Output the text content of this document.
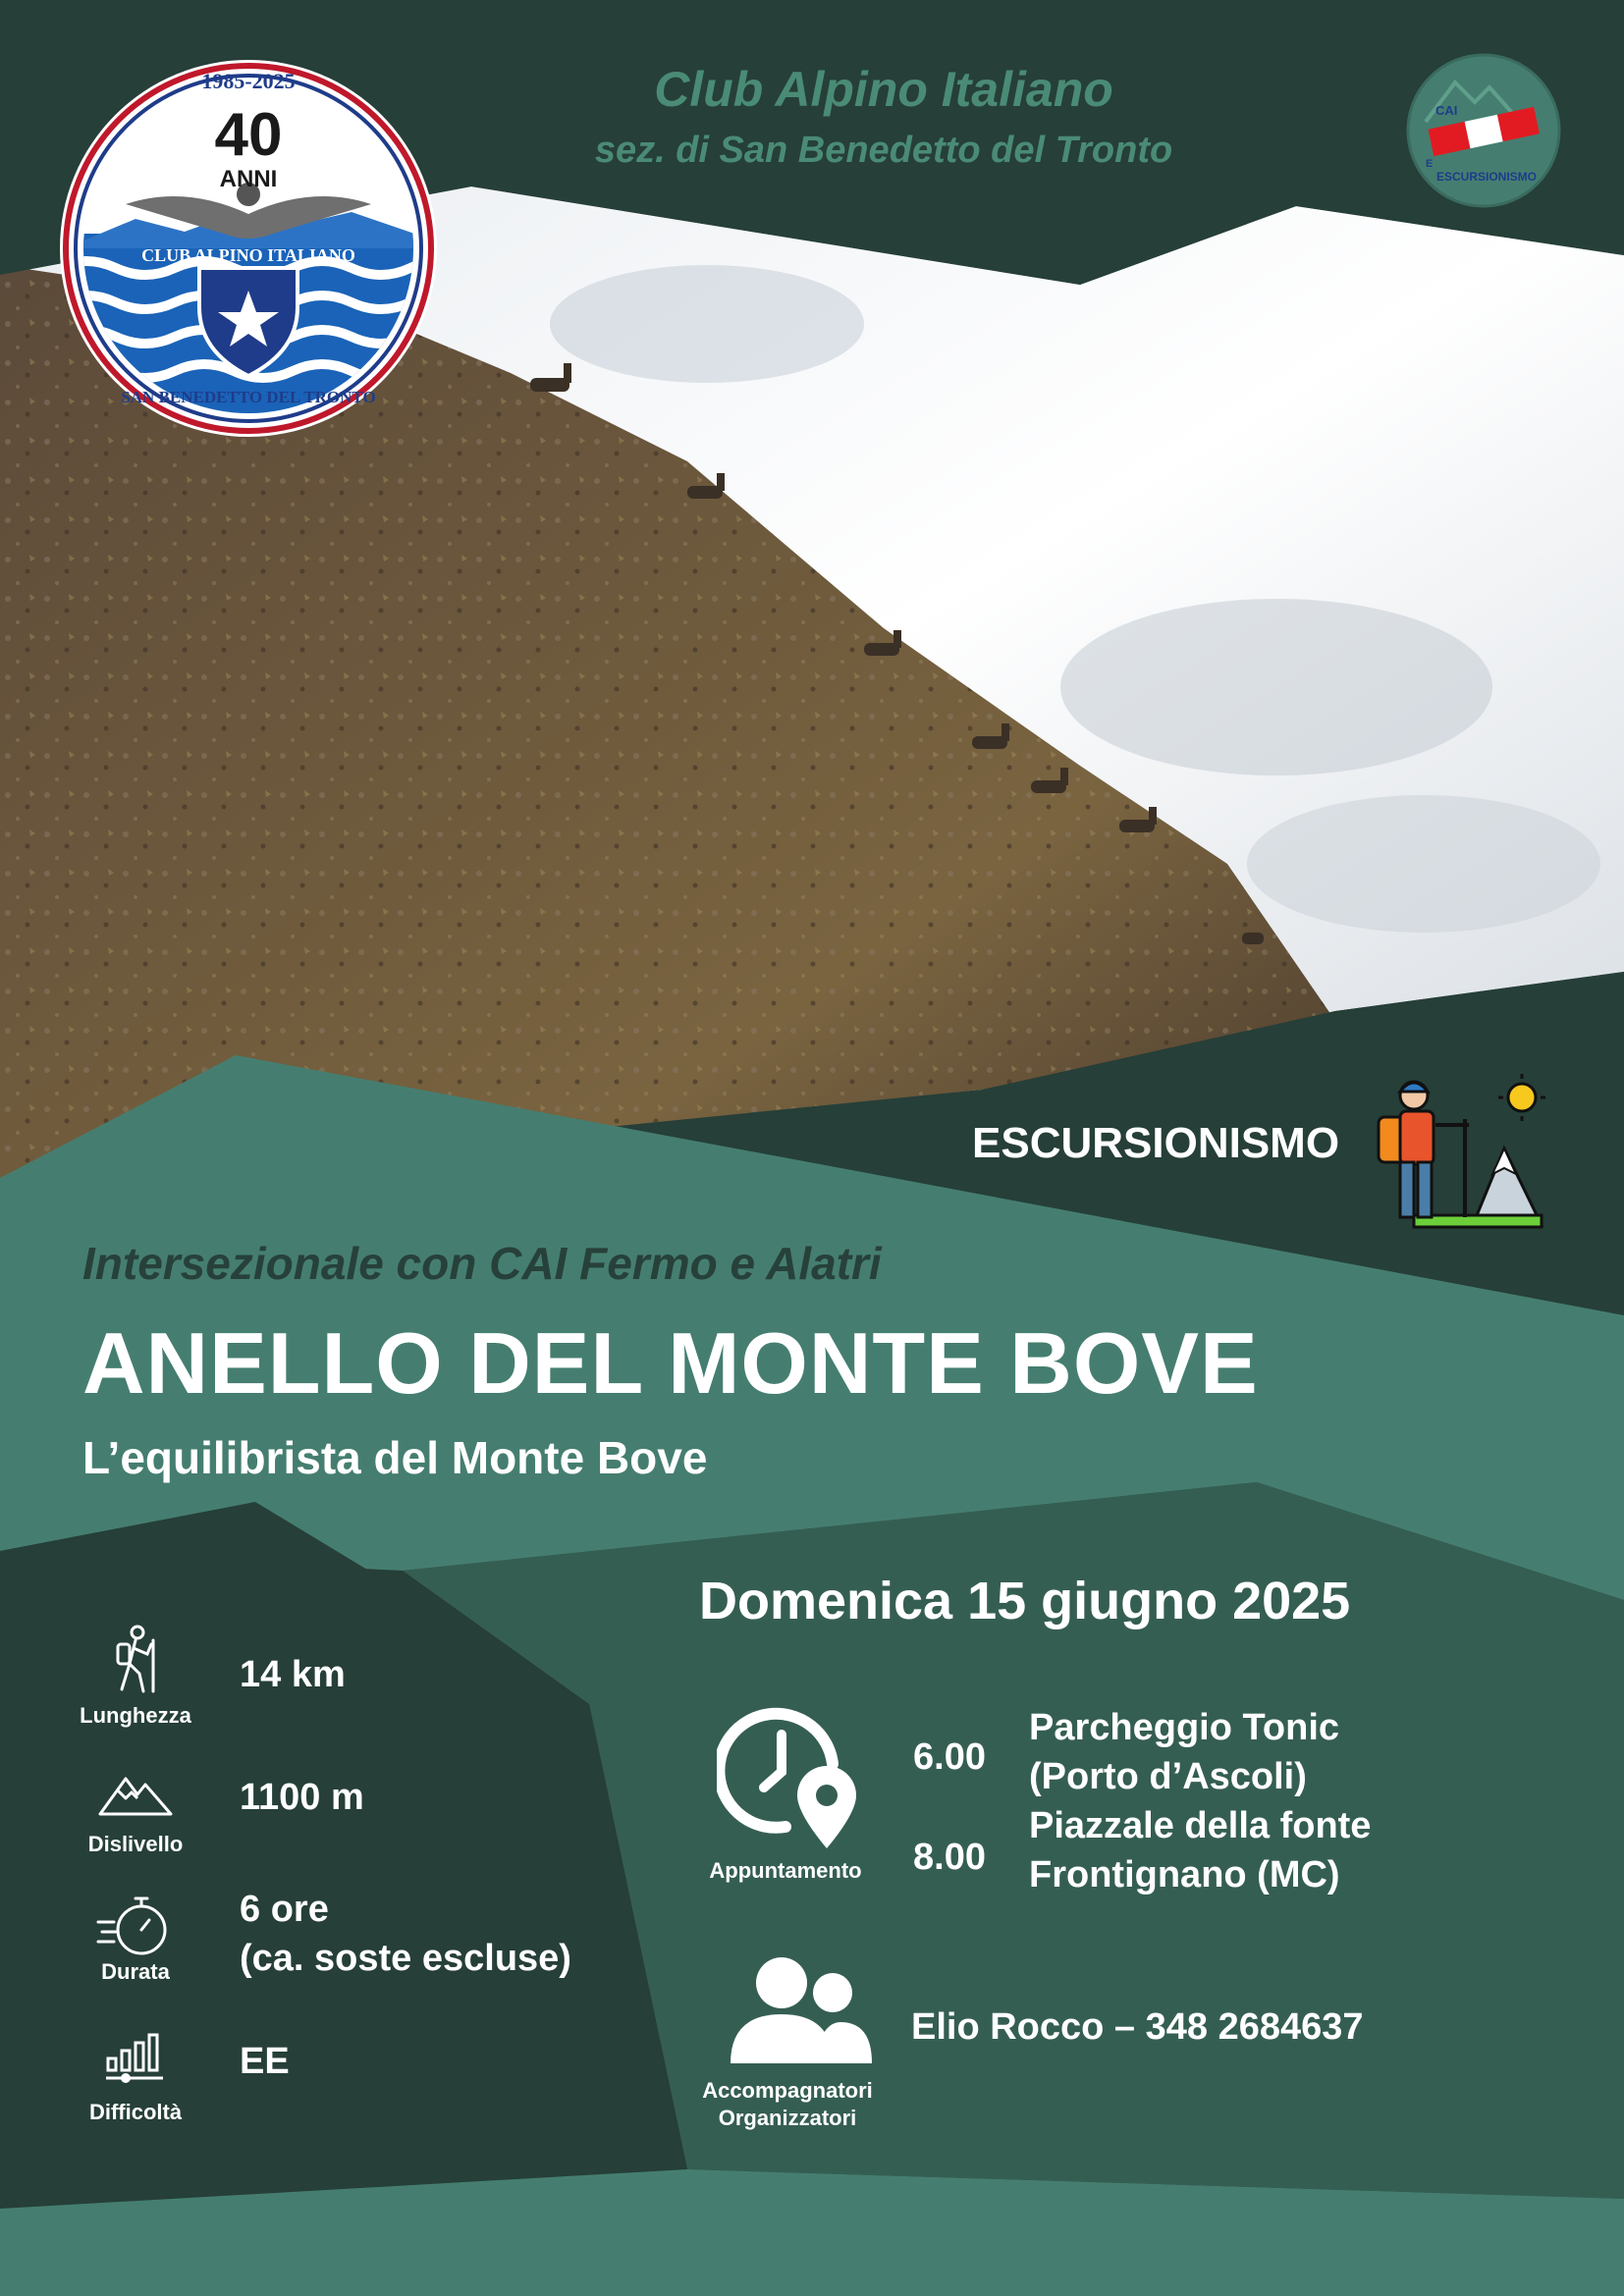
1985-2025
40
ANNI
CLUB ALPINO ITALIANO
SAN BENEDETTO DEL TRONTO
Club Alpino Italiano
sez. di San Benedetto del Tronto
CAI
E
ESCURSIONISMO
ESCURSIONISMO
Intersezionale con CAI Fermo e Alatri
ANELLO DEL MONTE BOVE
L’equilibrista del Monte Bove
Domenica 15 giugno 2025
Lunghezza
14 km
Dislivello
1100 m
Durata
6 ore
(ca. soste escluse)
Difficoltà
EE
Appuntamento
6.00
Parcheggio Tonic
(Porto d’Ascoli)
8.00
Piazzale della fonte
Frontignano (MC)
Accompagnatori
Organizzatori
Elio Rocco – 348 2684637
